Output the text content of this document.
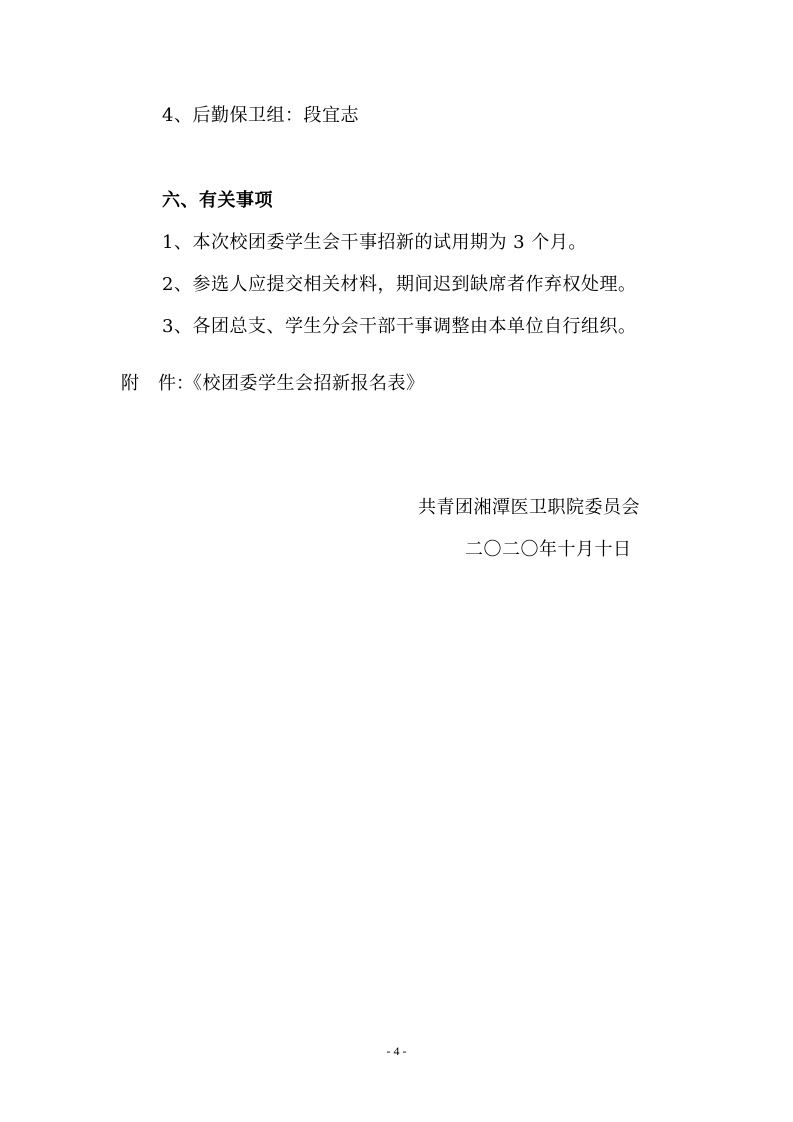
4、后勤保卫组：段宜志
六、有关事项
1、本次校团委学生会干事招新的试用期为 3 个月。
2、参选人应提交相关材料，期间迟到缺席者作弃权处理。
3、各团总支、学生分会干部干事调整由本单位自行组织。
附 件：《校团委学生会招新报名表》
共青团湘潭医卫职院委员会
二〇二〇年十月十日
- 4 -
